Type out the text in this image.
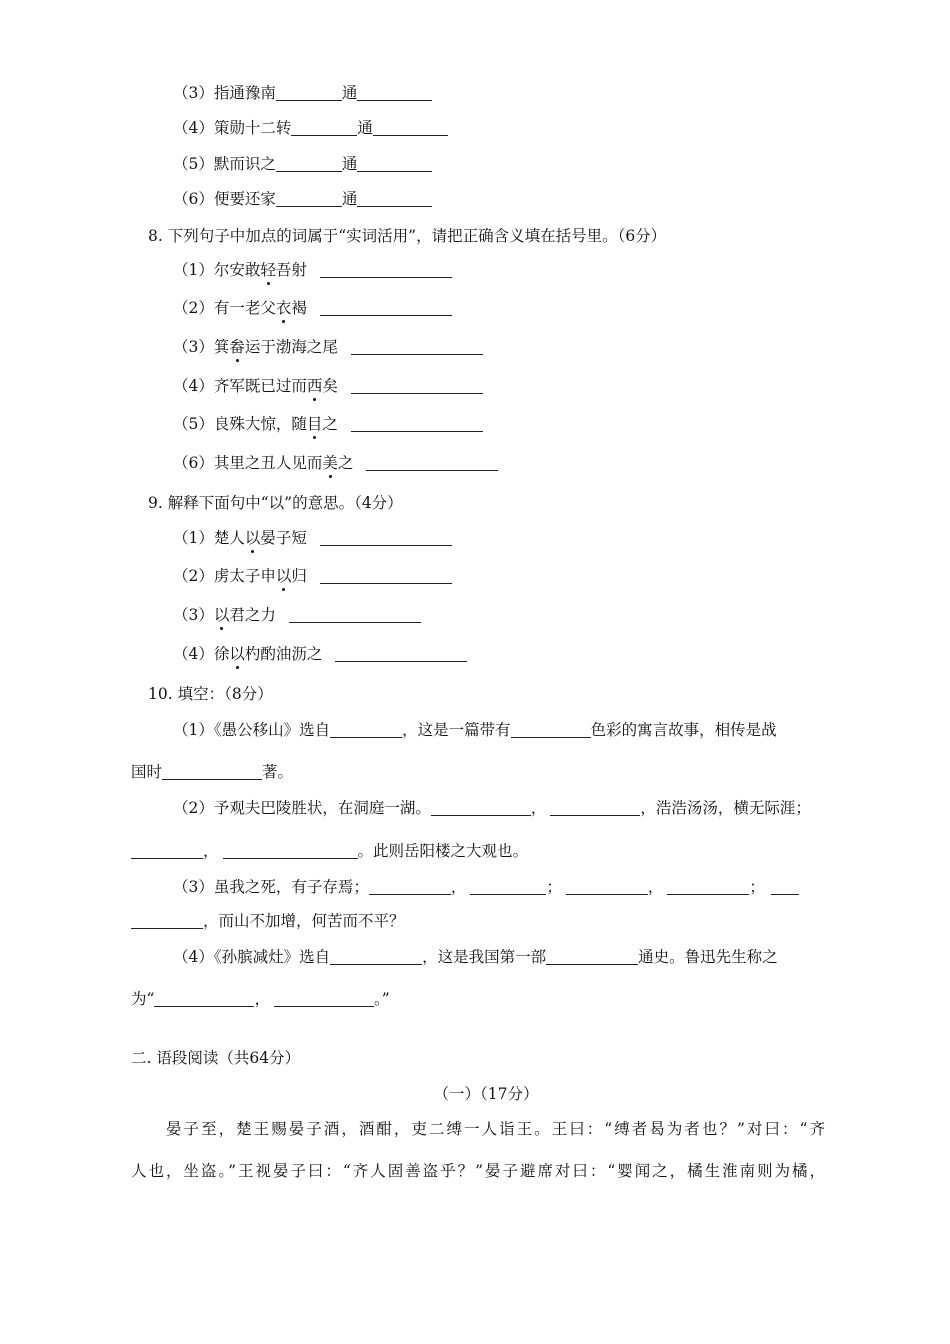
（3）指通豫南	通
（4）策勋十二转	通
（5）默而识之	通
（6）便要还家	通
8. 下列句子中加点的词属于“实词活用”，请把正确含义填在括号里。（6分）
（1）尔安敢轻吾射
（2）有一老父衣褐
（3）箕畚运于渤海之尾
（4）齐军既已过而西矣
（5）良殊大惊，随目之
（6）其里之丑人见而美之
9. 解释下面句中“以”的意思。（4分）
（1）楚人以晏子短
（2）虏太子申以归
（3）以君之力
（4）徐以杓酌油沥之
10. 填空：（8分）
（1）《愚公移山》选自	，这是一篇带有	色彩的寓言故事，相传是战
国时	著。
（2）予观夫巴陵胜状，在洞庭一湖。	，	，浩浩汤汤，横无际涯；
，	。此则岳阳楼之大观也。
（3）虽我之死，有子存焉；	，	；	，	；
，而山不加增，何苦而不平？
（4）《孙膑减灶》选自	，这是我国第一部	通史。鲁迅先生称之
为“	，	。”
二. 语段阅读（共64分）
（一）（17分）
晏子至，楚王赐晏子酒，酒酣，吏二缚一人诣王。王曰：“缚者曷为者也？”对曰：“齐
人也，坐盗。”王视晏子曰：“齐人固善盗乎？”晏子避席对曰：“婴闻之，橘生淮南则为橘，
